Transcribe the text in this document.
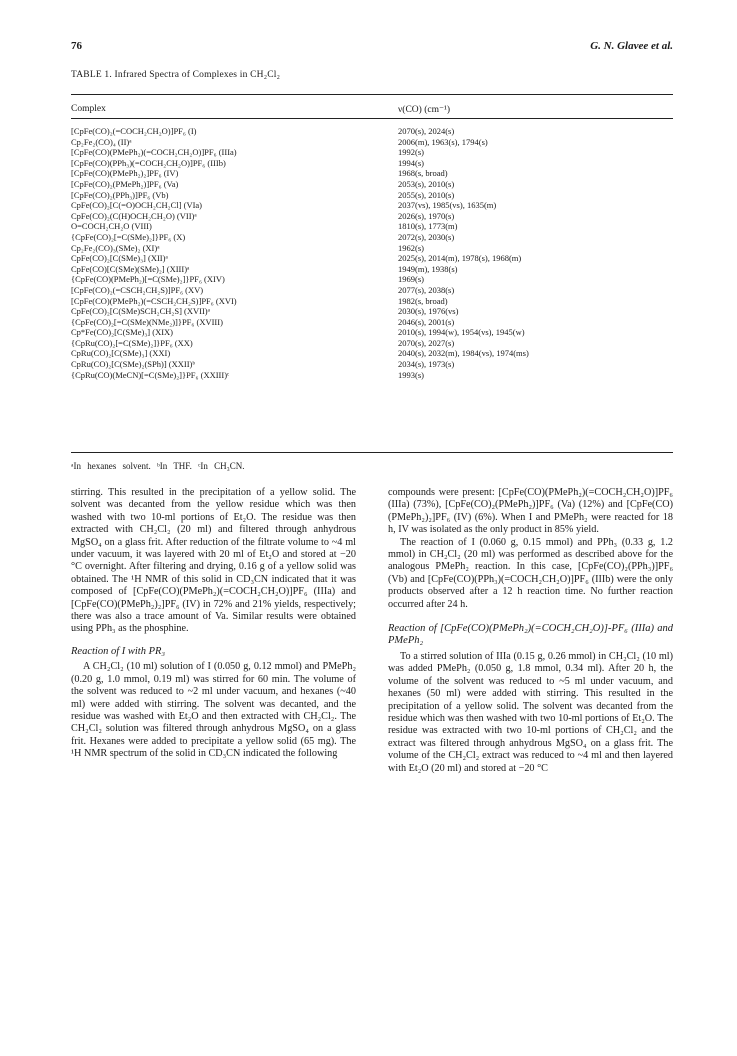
76	G. N. Glavee et al.
TABLE 1. Infrared Spectra of Complexes in CH₂Cl₂
Complex	ν(CO) (cm⁻¹)
[CpFe(CO)₂(=COCH₂CH₂O)]PF₆ (I)	2070(s), 2024(s)
Cp₂Fe₂(CO)₄ (II)ᵃ	2006(m), 1963(s), 1794(s)
[CpFe(CO)(PMePh₂)(=COCH₂CH₂O)]PF₆ (IIIa)	1992(s)
[CpFe(CO)(PPh₃)(=COCH₂CH₂O)]PF₆ (IIIb)	1994(s)
[CpFe(CO)(PMePh₂)₂]PF₆ (IV)	1968(s, broad)
[CpFe(CO)₂(PMePh₂)]PF₆ (Va)	2053(s), 2010(s)
[CpFe(CO)₂(PPh₃)]PF₆ (Vb)	2055(s), 2010(s)
CpFe(CO)₂[C(=O)OCH₂CH₂Cl] (VIa)	2037(vs), 1985(vs), 1635(m)
CpFe(CO)₂(C(H)OCH₂CH₂O) (VII)ᵃ	2026(s), 1970(s)
O=COCH₂CH₂O (VIII)	1810(s), 1773(m)
{CpFe(CO)₂[=C(SMe)₂]}PF₆ (X)	2072(s), 2030(s)
Cp₂Fe₂(CO)₃(SMe)₂ (XI)ᵃ	1962(s)
CpFe(CO)₂[C(SMe)₃] (XII)ᵃ	2025(s), 2014(m), 1978(s), 1968(m)
CpFe(CO)[C(SMe)(SMe)₂] (XIII)ᵃ	1949(m), 1938(s)
{CpFe(CO)(PMePh₂)[=C(SMe)₂]}PF₆ (XIV)	1969(s)
[CpFe(CO)₂(=CSCH₂CH₂S)]PF₆ (XV)	2077(s), 2038(s)
[CpFe(CO)(PMePh₂)(=CSCH₂CH₂S)]PF₆ (XVI)	1982(s, broad)
CpFe(CO)₂[C(SMe)SCH₂CH₂S] (XVII)ᵃ	2030(s), 1976(vs)
{CpFe(CO)₂[=C(SMe)(NMe₂)]}PF₆ (XVIII)	2046(s), 2001(s)
Cp*Fe(CO)₂[C(SMe)₃] (XIX)	2010(s), 1994(w), 1954(vs), 1945(w)
{CpRu(CO)₂[=C(SMe)₂]}PF₆ (XX)	2070(s), 2027(s)
CpRu(CO)₂[C(SMe)₃] (XXI)	2040(s), 2032(m), 1984(vs), 1974(ms)
CpRu(CO)₂[C(SMe)₂(SPh)] (XXII)ᵇ	2034(s), 1973(s)
{CpRu(CO)(MeCN)[=C(SMe)₂]}PF₆ (XXIII)ᶜ	1993(s)
ᵃIn hexanes solvent. ᵇIn THF. ᶜIn CH₃CN.

stirring. This resulted in the precipitation of a yellow solid. The solvent was decanted from the yellow residue which was then washed with two 10-ml portions of Et₂O. The residue was then extracted with CH₂Cl₂ (20 ml) and filtered through anhydrous MgSO₄ on a glass frit. After reduction of the filtrate volume to ~4 ml under vacuum, it was layered with 20 ml of Et₂O and stored at −20 °C overnight. After filtering and drying, 0.16 g of a yellow solid was obtained. The ¹H NMR of this solid in CD₃CN indicated that it was composed of [CpFe(CO)(PMePh₂)(=COCH₂CH₂O)]PF₆ (IIIa) and [CpFe(CO)(PMePh₂)₂]PF₆ (IV) in 72% and 21% yields, respectively; there was also a trace amount of Va. Similar results were obtained using PPh₃ as the phosphine.

Reaction of I with PR₃

A CH₂Cl₂ (10 ml) solution of I (0.050 g, 0.12 mmol) and PMePh₂ (0.20 g, 1.0 mmol, 0.19 ml) was stirred for 60 min. The volume of the solvent was reduced to ~2 ml under vacuum, and hexanes (~40 ml) were added with stirring. The solvent was decanted, and the residue was washed with Et₂O and then extracted with CH₂Cl₂. The CH₂Cl₂ solution was filtered through anhydrous MgSO₄ on a glass frit. Hexanes were added to precipitate a yellow solid (65 mg). The ¹H NMR spectrum of the solid in CD₃CN indicated the following

compounds were present: [CpFe(CO)(PMePh₂)(=COCH₂CH₂O)]PF₆ (IIIa) (73%), [CpFe(CO)₂(PMePh₂)]PF₆ (Va) (12%) and [CpFe(CO)(PMePh₂)₂]PF₆ (IV) (6%). When I and PMePh₂ were reacted for 18 h, IV was isolated as the only product in 85% yield.

The reaction of I (0.060 g, 0.15 mmol) and PPh₃ (0.33 g, 1.2 mmol) in CH₂Cl₂ (20 ml) was performed as described above for the analogous PMePh₂ reaction. In this case, [CpFe(CO)₂(PPh₃)]PF₆ (Vb) and [CpFe(CO)(PPh₃)(=COCH₂CH₂O)]PF₆ (IIIb) were the only products observed after a 12 h reaction time. No further reaction occurred after 24 h.

Reaction of [CpFe(CO)(PMePh₂)(=COCH₂CH₂O)]-PF₆ (IIIa) and PMePh₂

To a stirred solution of IIIa (0.15 g, 0.26 mmol) in CH₂Cl₂ (10 ml) was added PMePh₂ (0.050 g, 1.8 mmol, 0.34 ml). After 20 h, the volume of the solvent was reduced to ~5 ml under vacuum, and hexanes (50 ml) were added with stirring. This resulted in the precipitation of a yellow solid. The solvent was decanted from the residue which was then washed with two 10-ml portions of Et₂O. The residue was extracted with two 10-ml portions of CH₂Cl₂ and the extract was filtered through anhydrous MgSO₄ on a glass frit. The volume of the CH₂Cl₂ extract was reduced to ~4 ml and then layered with Et₂O (20 ml) and stored at −20 °C
